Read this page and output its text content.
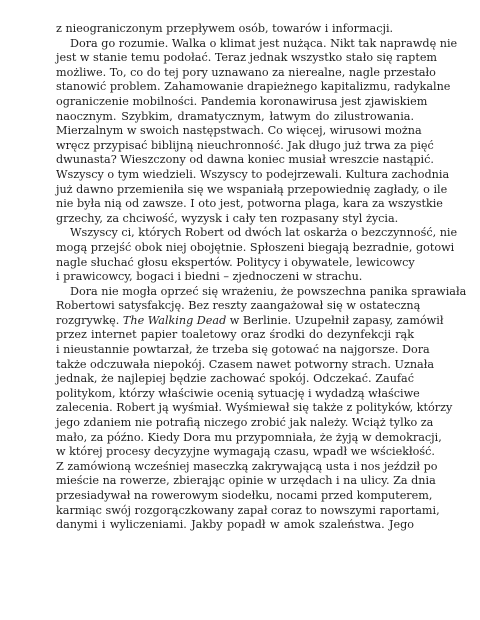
z nieograniczonym przepływem osób, towarów i informacji.
Dora go rozumie. Walka o klimat jest nużąca. Nikt tak naprawdę nie
jest w stanie temu podołać. Teraz jednak wszystko stało się raptem
możliwe. To, co do tej pory uznawano za nierealne, nagle przestało
stanowić problem. Zahamowanie drapieżnego kapitalizmu, radykalne
ograniczenie mobilności. Pandemia koronawirusa jest zjawiskiem
naocznym. Szybkim, dramatycznym, łatwym do zilustrowania.
Mierzalnym w swoich następstwach. Co więcej, wirusowi można
wręcz przypisać biblijną nieuchronność. Jak długo już trwa za pięć
dwunasta? Wieszczony od dawna koniec musiał wreszcie nastąpić.
Wszyscy o tym wiedzieli. Wszyscy to podejrzewali. Kultura zachodnia
już dawno przemieniła się we wspaniałą przepowiednię zagłady, o ile
nie była nią od zawsze. I oto jest, potworna plaga, kara za wszystkie
grzechy, za chciwość, wyzysk i cały ten rozpasany styl życia.
Wszyscy ci, których Robert od dwóch lat oskarża o bezczynność, nie
mogą przejść obok niej obojętnie. Spłoszeni biegają bezradnie, gotowi
nagle słuchać głosu ekspertów. Politycy i obywatele, lewicowcy
i prawicowcy, bogaci i biedni – zjednoczeni w strachu.
Dora nie mogła oprzeć się wrażeniu, że powszechna panika sprawiała
Robertowi satysfakcję. Bez reszty zaangażował się w ostateczną
rozgrywkę. The Walking Dead w Berlinie. Uzupełnił zapasy, zamówił
przez internet papier toaletowy oraz środki do dezynfekcji rąk
i nieustannie powtarzał, że trzeba się gotować na najgorsze. Dora
także odczuwała niepokój. Czasem nawet potworny strach. Uznała
jednak, że najlepiej będzie zachować spokój. Odczekać. Zaufać
politykom, którzy właściwie ocenią sytuację i wydadzą właściwe
zalecenia. Robert ją wyśmiał. Wyśmiewał się także z polityków, którzy
jego zdaniem nie potrafią niczego zrobić jak należy. Wciąż tylko za
mało, za późno. Kiedy Dora mu przypomniała, że żyją w demokracji,
w której procesy decyzyjne wymagają czasu, wpadł we wściekłość.
Z zamówioną wcześniej maseczką zakrywającą usta i nos jeździł po
mieście na rowerze, zbierając opinie w urzędach i na ulicy. Za dnia
przesiadywał na rowerowym siodełku, nocami przed komputerem,
karmiąc swój rozgorączkowany zapał coraz to nowszymi raportami,
danymi i wyliczeniami. Jakby popadł w amok szaleństwa. Jego
